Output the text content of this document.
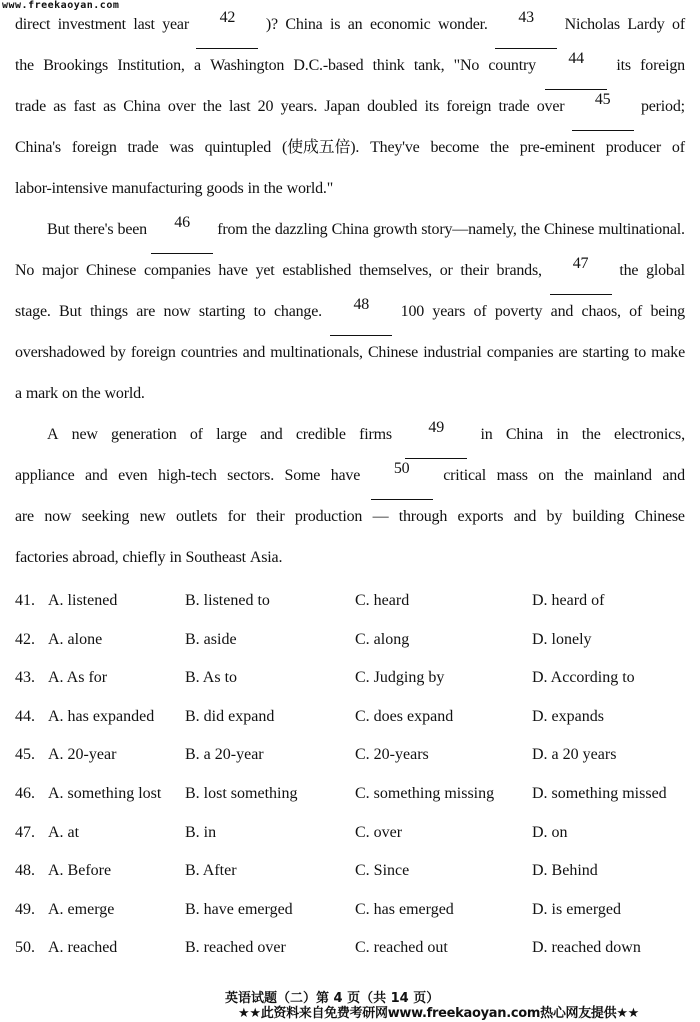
www.freekaoyan.com
direct investment last year	42	)? China is an economic wonder.	43	Nicholas Lardy of
the Brookings Institution, a Washington D.C.-based think tank, "No country	44	its foreign
trade as fast as China over the last 20 years. Japan doubled its foreign trade over	45	period;
China's foreign trade was quintupled (使成五倍). They've become the pre-eminent producer of
labor-intensive manufacturing goods in the world."
But there's been	46	from the dazzling China growth story—namely, the Chinese multinational.
No major Chinese companies have yet established themselves, or their brands,	47	the global
stage. But things are now starting to change.	48	100 years of poverty and chaos, of being
overshadowed by foreign countries and multinationals, Chinese industrial companies are starting to make
a mark on the world.
A new generation of large and credible firms	49	in China in the electronics,
appliance and even high-tech sectors. Some have	50	critical mass on the mainland and
are now seeking new outlets for their production — through exports and by building Chinese
factories abroad, chiefly in Southeast Asia.
41. A. listened	B. listened to	C. heard	D. heard of
42. A. alone	B. aside	C. along	D. lonely
43. A. As for	B. As to	C. Judging by	D. According to
44. A. has expanded B. did expand	C. does expand	D. expands
45. A. 20-year	B. a 20-year	C. 20-years	D. a 20 years
46. A. something lost B. lost something	C. something missing D. something missed
47. A. at	B. in	C. over	D. on
48. A. Before	B. After	C. Since	D. Behind
49. A. emerge	B. have emerged	C. has emerged	D. is emerged
50. A. reached	B. reached over	C. reached out	D. reached down
英语试题（二）第 4 页（共 14 页）
★★此资料来自免费考研网www.freekaoyan.com热心网友提供★★
